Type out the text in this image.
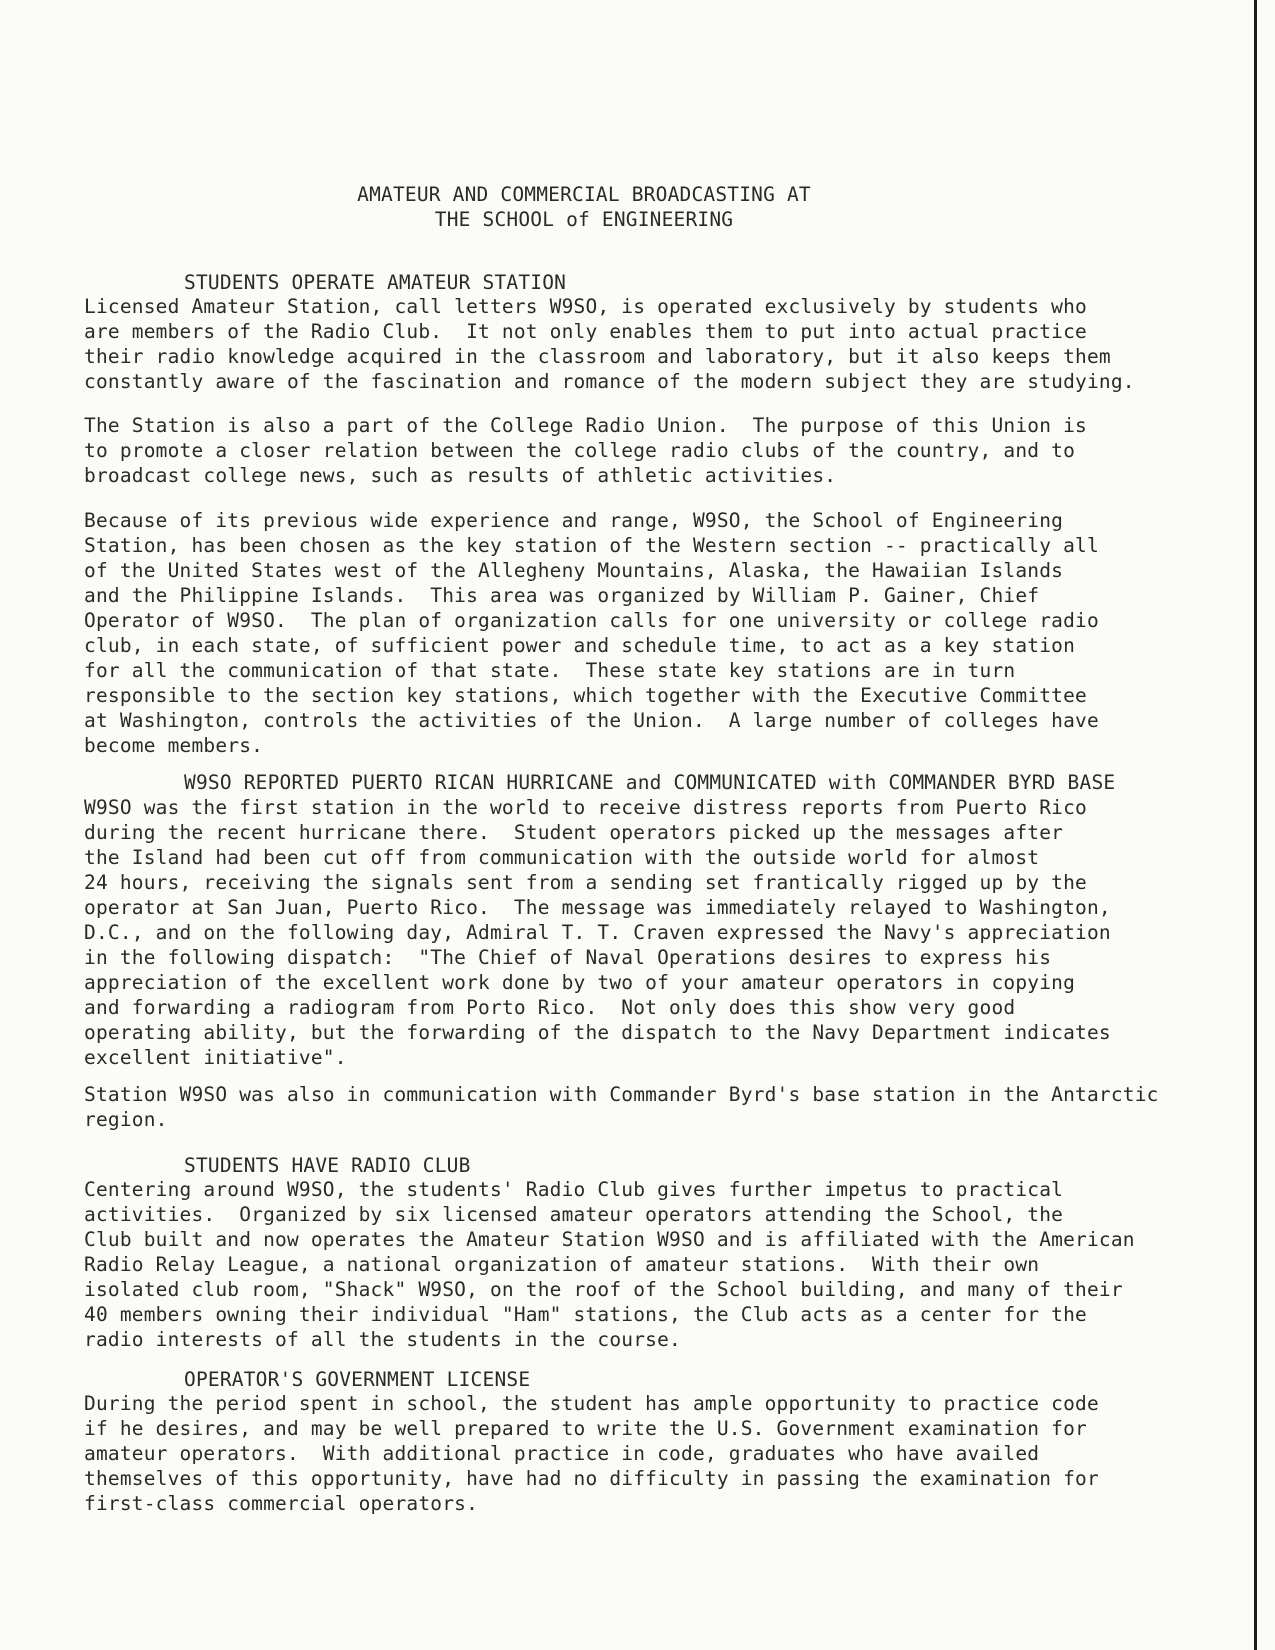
AMATEUR AND COMMERCIAL BROADCASTING AT
THE SCHOOL of ENGINEERING
STUDENTS OPERATE AMATEUR STATION
Licensed Amateur Station, call letters W9SO, is operated exclusively by students who
are members of the Radio Club.  It not only enables them to put into actual practice
their radio knowledge acquired in the classroom and laboratory, but it also keeps them
constantly aware of the fascination and romance of the modern subject they are studying.
The Station is also a part of the College Radio Union.  The purpose of this Union is
to promote a closer relation between the college radio clubs of the country, and to
broadcast college news, such as results of athletic activities.
Because of its previous wide experience and range, W9SO, the School of Engineering
Station, has been chosen as the key station of the Western section -- practically all
of the United States west of the Allegheny Mountains, Alaska, the Hawaiian Islands
and the Philippine Islands.  This area was organized by William P. Gainer, Chief
Operator of W9SO.  The plan of organization calls for one university or college radio
club, in each state, of sufficient power and schedule time, to act as a key station
for all the communication of that state.  These state key stations are in turn
responsible to the section key stations, which together with the Executive Committee
at Washington, controls the activities of the Union.  A large number of colleges have
become members.
W9SO REPORTED PUERTO RICAN HURRICANE and COMMUNICATED with COMMANDER BYRD BASE
W9SO was the first station in the world to receive distress reports from Puerto Rico
during the recent hurricane there.  Student operators picked up the messages after
the Island had been cut off from communication with the outside world for almost
24 hours, receiving the signals sent from a sending set frantically rigged up by the
operator at San Juan, Puerto Rico.  The message was immediately relayed to Washington,
D.C., and on the following day, Admiral T. T. Craven expressed the Navy's appreciation
in the following dispatch:  "The Chief of Naval Operations desires to express his
appreciation of the excellent work done by two of your amateur operators in copying
and forwarding a radiogram from Porto Rico.  Not only does this show very good
operating ability, but the forwarding of the dispatch to the Navy Department indicates
excellent initiative".
Station W9SO was also in communication with Commander Byrd's base station in the Antarctic
region.
STUDENTS HAVE RADIO CLUB
Centering around W9SO, the students' Radio Club gives further impetus to practical
activities.  Organized by six licensed amateur operators attending the School, the
Club built and now operates the Amateur Station W9SO and is affiliated with the American
Radio Relay League, a national organization of amateur stations.  With their own
isolated club room, "Shack" W9SO, on the roof of the School building, and many of their
40 members owning their individual "Ham" stations, the Club acts as a center for the
radio interests of all the students in the course.
OPERATOR'S GOVERNMENT LICENSE
During the period spent in school, the student has ample opportunity to practice code
if he desires, and may be well prepared to write the U.S. Government examination for
amateur operators.  With additional practice in code, graduates who have availed
themselves of this opportunity, have had no difficulty in passing the examination for
first-class commercial operators.
